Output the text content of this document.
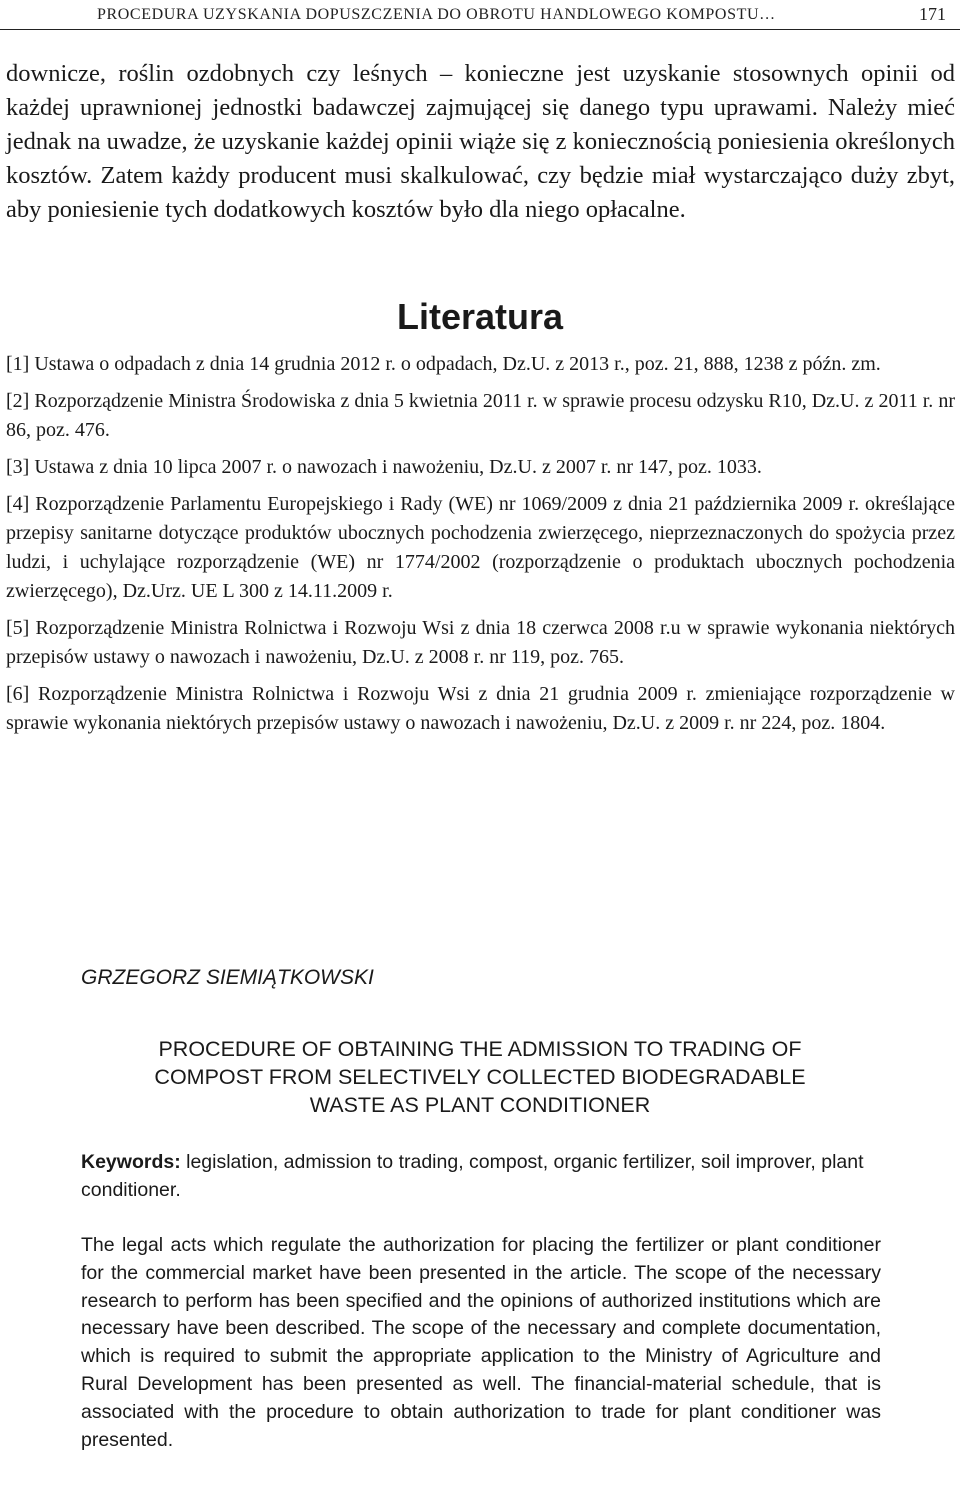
PROCEDURA UZYSKANIA DOPUSZCZENIA DO OBROTU HANDLOWEGO KOMPOSTU…	171

downicze, roślin ozdobnych czy leśnych – konieczne jest uzyskanie stosownych opinii od każdej uprawnionej jednostki badawczej zajmującej się danego typu uprawami. Należy mieć jednak na uwadze, że uzyskanie każdej opinii wiąże się z koniecznością poniesienia określonych kosztów. Zatem każdy producent musi skalkulować, czy będzie miał wystarczająco duży zbyt, aby poniesienie tych dodatkowych kosztów było dla niego opłacalne.

Literatura

[1] Ustawa o odpadach z dnia 14 grudnia 2012 r. o odpadach, Dz.U. z 2013 r., poz. 21, 888, 1238 z późn. zm.

[2] Rozporządzenie Ministra Środowiska z dnia 5 kwietnia 2011 r. w sprawie procesu odzysku R10, Dz.U. z 2011 r. nr 86, poz. 476.

[3] Ustawa z dnia 10 lipca 2007 r. o nawozach i nawożeniu, Dz.U. z 2007 r. nr 147, poz. 1033.

[4] Rozporządzenie Parlamentu Europejskiego i Rady (WE) nr 1069/2009 z dnia 21 października 2009 r. określające przepisy sanitarne dotyczące produktów ubocznych pochodzenia zwierzęcego, nieprzeznaczonych do spożycia przez ludzi, i uchylające rozporządzenie (WE) nr 1774/2002 (rozporządzenie o produktach ubocznych pochodzenia zwierzęcego), Dz.Urz. UE L 300 z 14.11.2009 r.

[5] Rozporządzenie Ministra Rolnictwa i Rozwoju Wsi z dnia 18 czerwca 2008 r.u w sprawie wykonania niektórych przepisów ustawy o nawozach i nawożeniu, Dz.U. z 2008 r. nr 119, poz. 765.

[6] Rozporządzenie Ministra Rolnictwa i Rozwoju Wsi z dnia 21 grudnia 2009 r. zmieniające rozporządzenie w sprawie wykonania niektórych przepisów ustawy o nawozach i nawożeniu, Dz.U. z 2009 r. nr 224, poz. 1804.

GRZEGORZ SIEMIĄTKOWSKI
PROCEDURE OF OBTAINING THE ADMISSION TO TRADING OF
COMPOST FROM SELECTIVELY COLLECTED BIODEGRADABLE
WASTE AS PLANT CONDITIONER

Keywords: legislation, admission to trading, compost, organic fertilizer, soil improver, plant conditioner.

The legal acts which regulate the authorization for placing the fertilizer or plant conditioner for the commercial market have been presented in the article. The scope of the necessary research to perform has been specified and the opinions of authorized institutions which are necessary have been described. The scope of the necessary and complete documentation, which is required to submit the appropriate application to the Ministry of Agriculture and Rural Development has been presented as well. The financial-material schedule, that is associated with the procedure to obtain authorization to trade for plant conditioner was presented.
